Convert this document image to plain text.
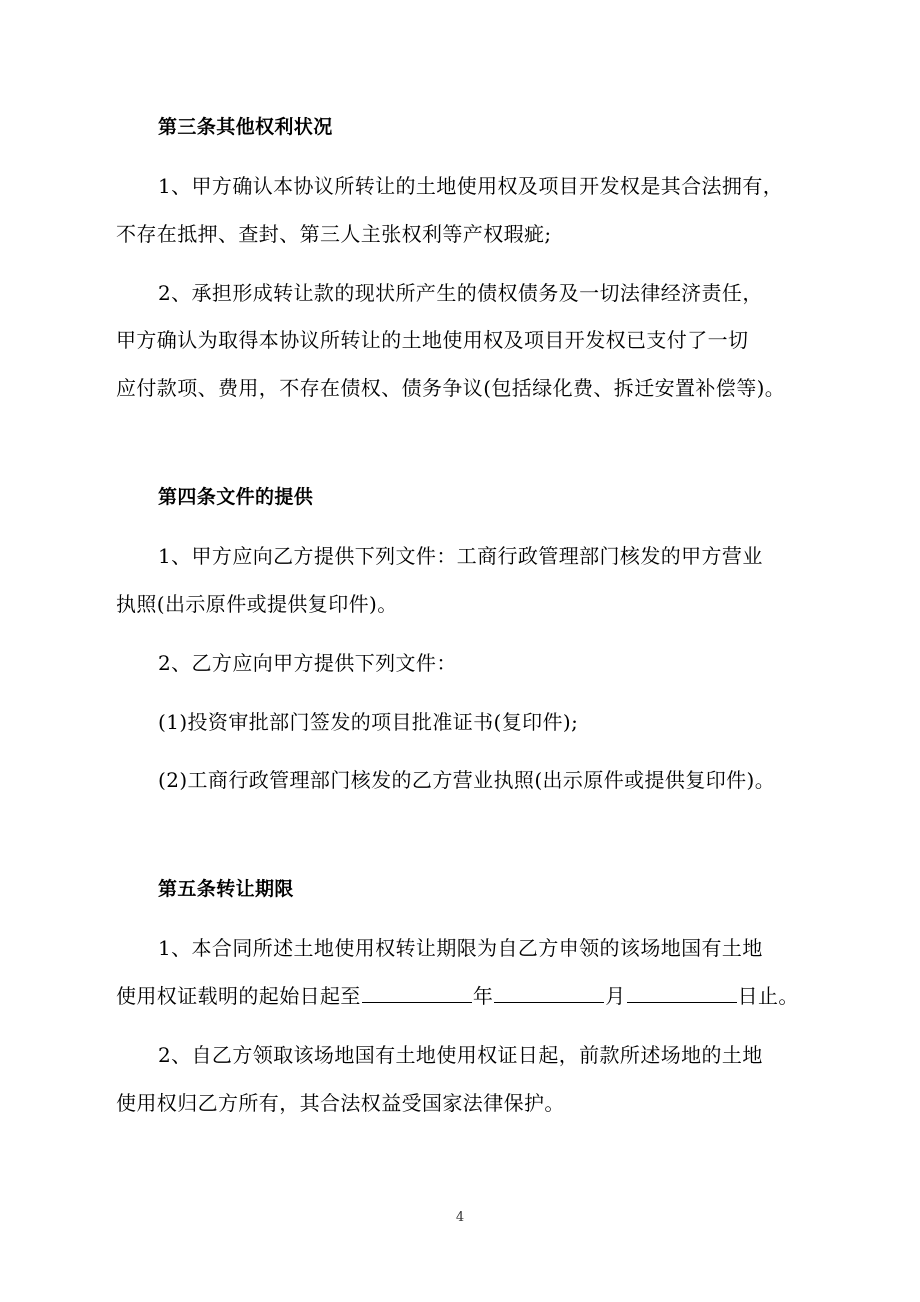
第三条其他权利状况
1、甲方确认本协议所转让的土地使用权及项目开发权是其合法拥有，
不存在抵押、查封、第三人主张权利等产权瑕疵;
2、承担形成转让款的现状所产生的债权债务及一切法律经济责任，
甲方确认为取得本协议所转让的土地使用权及项目开发权已支付了一切
应付款项、费用，不存在债权、债务争议(包括绿化费、拆迁安置补偿等)。
第四条文件的提供
1、甲方应向乙方提供下列文件：工商行政管理部门核发的甲方营业
执照(出示原件或提供复印件)。
2、乙方应向甲方提供下列文件：
(1)投资审批部门签发的项目批准证书(复印件);
(2)工商行政管理部门核发的乙方营业执照(出示原件或提供复印件)。
第五条转让期限
1、本合同所述土地使用权转让期限为自乙方申领的该场地国有土地
使用权证载明的起始日起至	年	月	日止。
2、自乙方领取该场地国有土地使用权证日起，前款所述场地的土地
使用权归乙方所有，其合法权益受国家法律保护。
4
